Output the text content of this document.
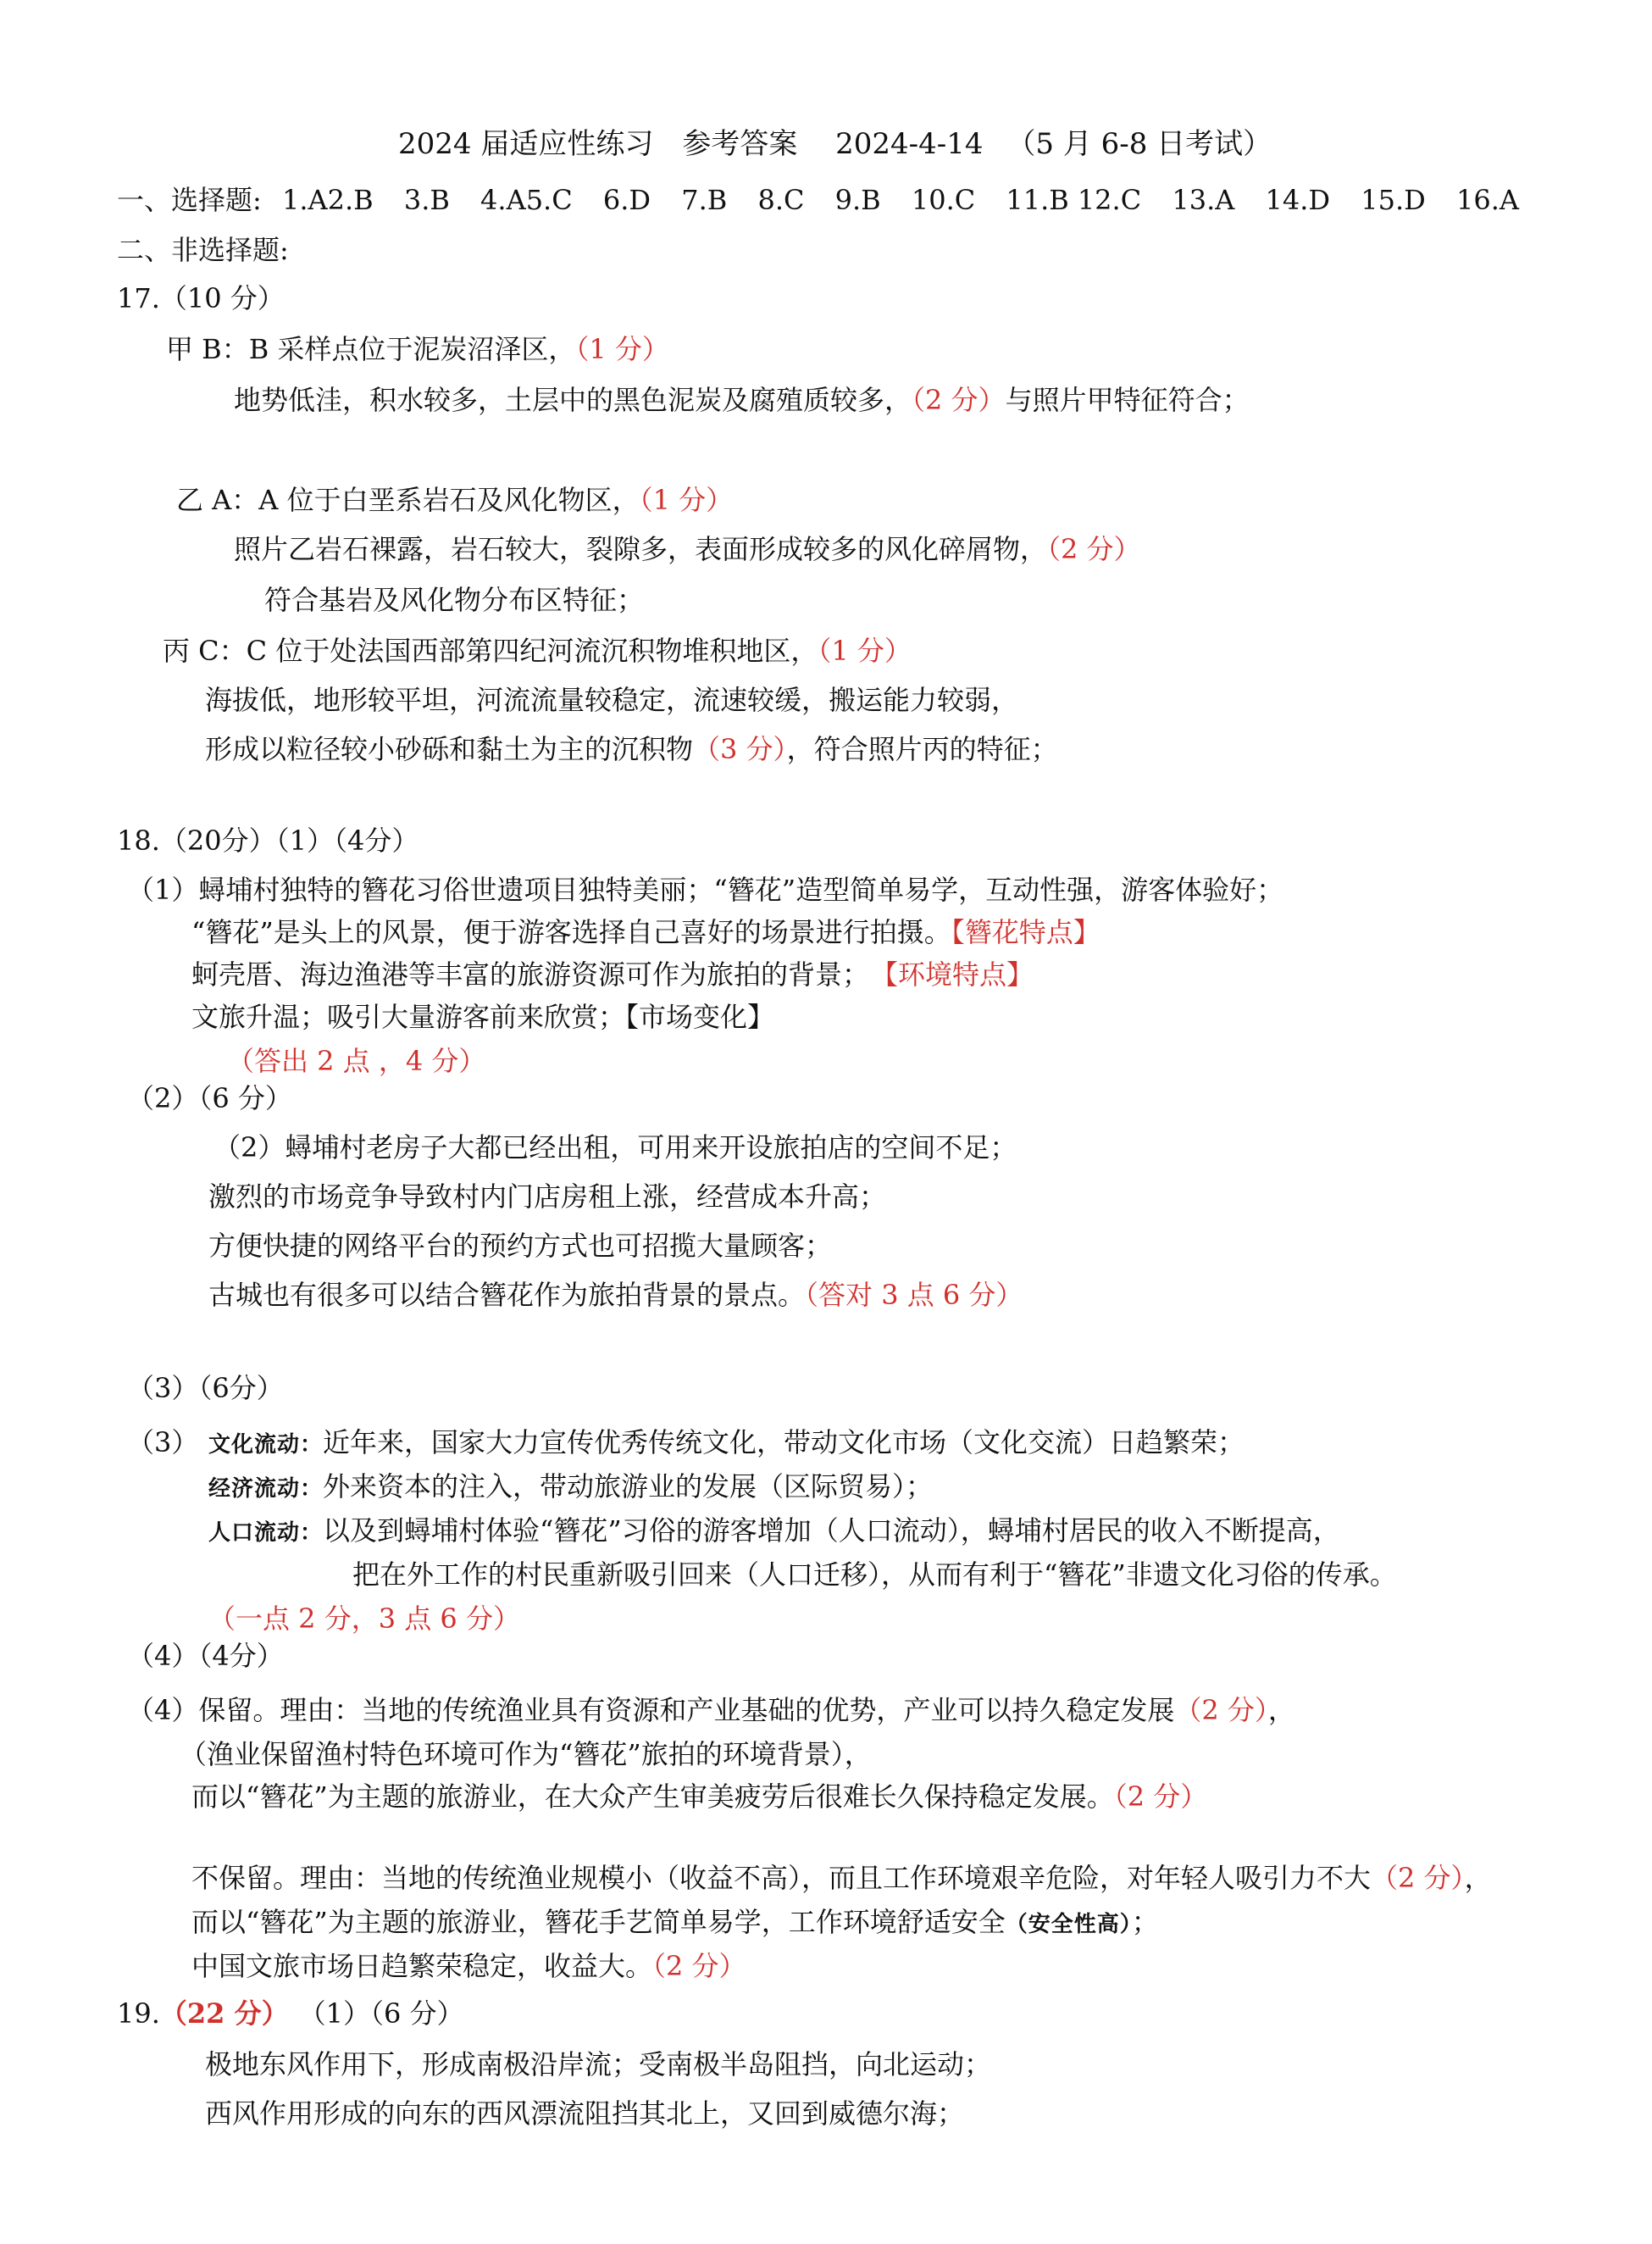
2024 届适应性练习　参考答案　 2024-4-14 　（5 月 6-8 日考试）
一、选择题: 1.A2.B 3.B 4.A5.C 6.D 7.B 8.C 9.B 10.C 11.B 12.C 13.A 14.D 15.D 16.A
二、非选择题:
17.（10 分）
甲 B：B 采样点位于泥炭沼泽区，（1 分）
地势低洼，积水较多，土层中的黑色泥炭及腐殖质较多，（2 分）与照片甲特征符合；
乙 A：A 位于白垩系岩石及风化物区，（1 分）
照片乙岩石裸露，岩石较大，裂隙多，表面形成较多的风化碎屑物，（2 分）
符合基岩及风化物分布区特征；
丙 C：C 位于处法国西部第四纪河流沉积物堆积地区，（1 分）
海拔低，地形较平坦，河流流量较稳定，流速较缓，搬运能力较弱，
形成以粒径较小砂砾和黏土为主的沉积物（3 分），符合照片丙的特征；
18.（20分）（1）（4分）
（1）蟳埔村独特的簪花习俗世遗项目独特美丽；“簪花”造型简单易学，互动性强，游客体验好；
“簪花”是头上的风景，便于游客选择自己喜好的场景进行拍摄。【簪花特点】
蚵壳厝、海边渔港等丰富的旅游资源可作为旅拍的背景； 【环境特点】
文旅升温；吸引大量游客前来欣赏；【市场变化】
（答出 2 点 ，4 分）
（2）（6 分）
（2）蟳埔村老房子大都已经出租，可用来开设旅拍店的空间不足；
激烈的市场竞争导致村内门店房租上涨，经营成本升高；
方便快捷的网络平台的预约方式也可招揽大量顾客；
古城也有很多可以结合簪花作为旅拍背景的景点。（答对 3 点 6 分）
（3）（6分）
（3） 文化流动：近年来，国家大力宣传优秀传统文化，带动文化市场（文化交流）日趋繁荣；
经济流动：外来资本的注入，带动旅游业的发展（区际贸易）；
人口流动：以及到蟳埔村体验“簪花”习俗的游客增加（人口流动），蟳埔村居民的收入不断提高，
把在外工作的村民重新吸引回来（人口迁移），从而有利于“簪花”非遗文化习俗的传承。
（一点 2 分，3 点 6 分）
（4）（4分）
（4）保留。理由：当地的传统渔业具有资源和产业基础的优势，产业可以持久稳定发展（2 分），
（渔业保留渔村特色环境可作为“簪花”旅拍的环境背景），
而以“簪花”为主题的旅游业，在大众产生审美疲劳后很难长久保持稳定发展。（2 分）
不保留。理由：当地的传统渔业规模小（收益不高），而且工作环境艰辛危险，对年轻人吸引力不大（2 分），
而以“簪花”为主题的旅游业，簪花手艺简单易学，工作环境舒适安全（安全性高）；
中国文旅市场日趋繁荣稳定，收益大。（2 分）
19.（22 分） （1）（6 分）
极地东风作用下，形成南极沿岸流；受南极半岛阻挡，向北运动；
西风作用形成的向东的西风漂流阻挡其北上，又回到威德尔海；
